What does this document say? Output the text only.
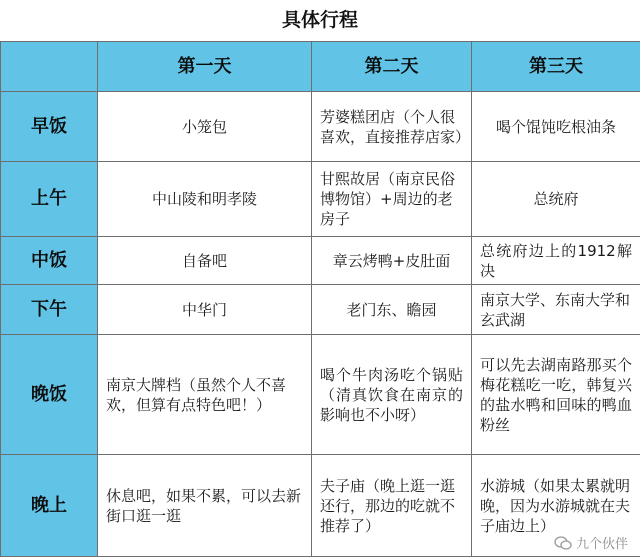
具体行程
	第一天	第二天	第三天
早饭	小笼包	芳婆糕团店（个人很喜欢，直接推荐店家）	喝个馄饨吃根油条
上午	中山陵和明孝陵	甘熙故居（南京民俗博物馆）+周边的老房子	总统府
中饭	自备吧	章云烤鸭+皮肚面	总统府边上的1912解决
下午	中华门	老门东、瞻园	南京大学、东南大学和玄武湖
晚饭	南京大牌档（虽然个人不喜欢，但算有点特色吧！）	喝个牛肉汤吃个锅贴（清真饮食在南京的影响也不小呀）	可以先去湖南路那买个梅花糕吃一吃，韩复兴的盐水鸭和回味的鸭血粉丝
晚上	休息吧，如果不累，可以去新街口逛一逛	夫子庙（晚上逛一逛还行，那边的吃就不推荐了）	水游城（如果太累就明晚，因为水游城就在夫子庙边上）
九个伙伴
